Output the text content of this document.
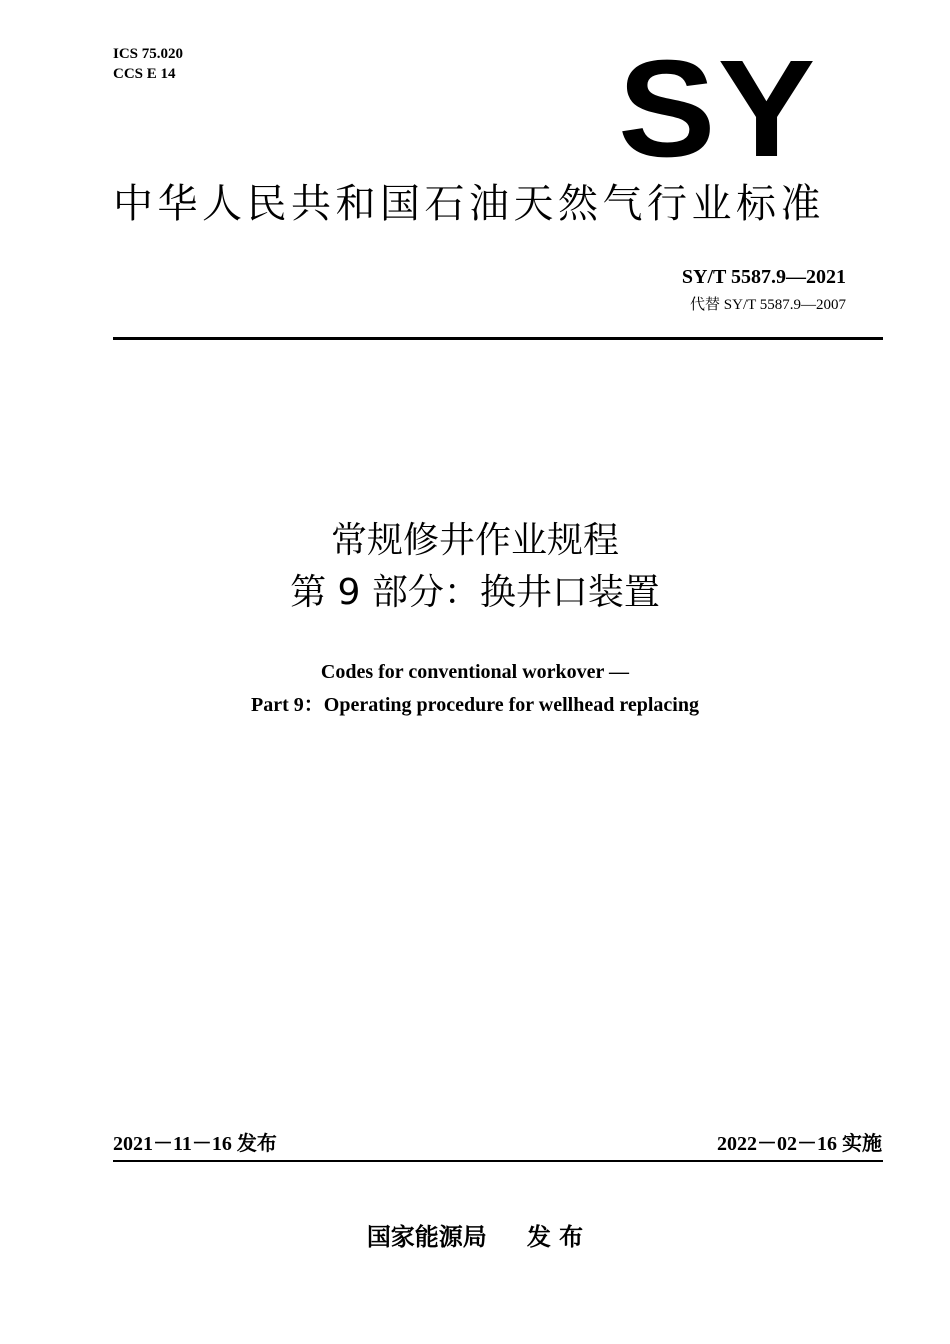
ICS 75.020
CCS E 14	SY
中华人民共和国石油天然气行业标准
SY/T 5587.9—2021
代替 SY/T 5587.9—2007
常规修井作业规程
第 9 部分：换井口装置
Codes for conventional workover —
Part 9：Operating procedure for wellhead replacing
2021－11－16 发布	2022－02－16 实施
国家能源局 发 布
